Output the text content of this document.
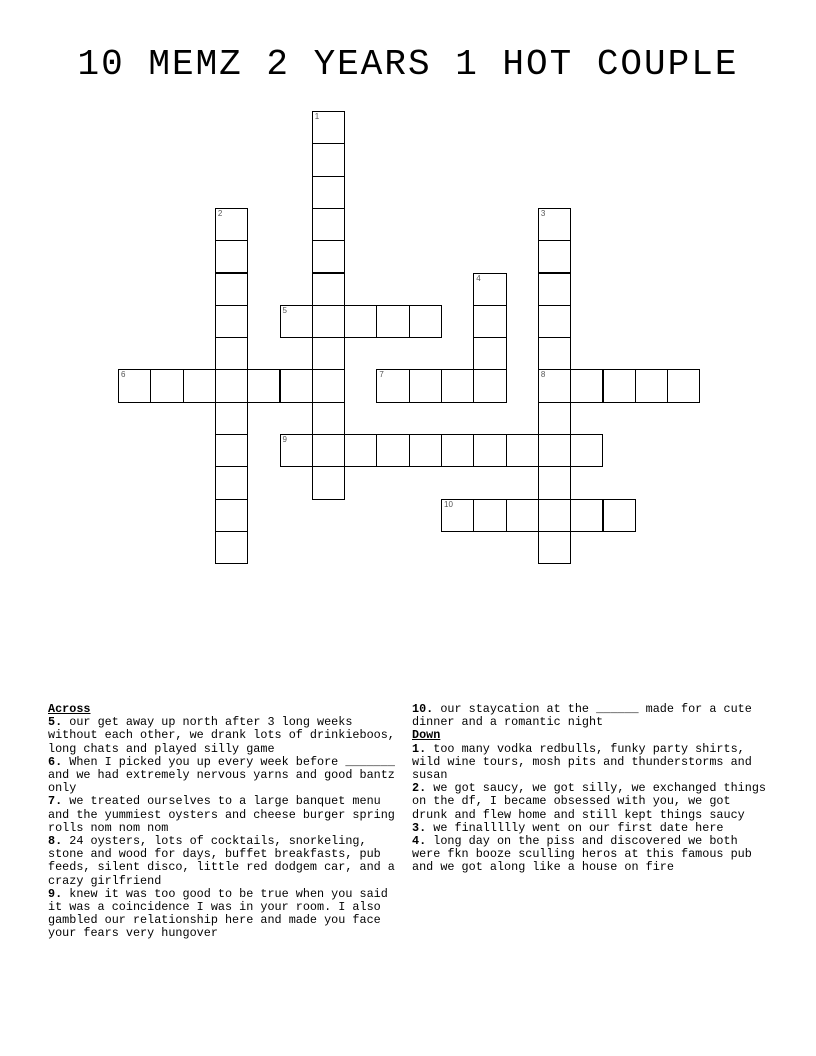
10 MEMZ 2 YEARS 1 HOT COUPLE
1
2	3
8
4
5
6	7
9
10
Across

5. our get away up north after 3 long weeks without each other, we drank lots of drinkieboos, long chats and played silly game

6. When I picked you up every week before _______ and we had extremely nervous yarns and good bantz only

7. we treated ourselves to a large banquet menu and the yummiest oysters and cheese burger spring rolls nom nom nom

8. 24 oysters, lots of cocktails, snorkeling, stone and wood for days, buffet breakfasts, pub feeds, silent disco, little red dodgem car, and a crazy girlfriend

9. knew it was too good to be true when you said it was a coincidence I was in your room. I also gambled our relationship here and made you face your fears very hungover

10. our staycation at the ______ made for a cute dinner and a romantic night

Down

1. too many vodka redbulls, funky party shirts, wild wine tours, mosh pits and thunderstorms and susan

2. we got saucy, we got silly, we exchanged things on the df, I became obsessed with you, we got drunk and flew home and still kept things saucy

3. we finallllly went on our first date here

4. long day on the piss and discovered we both were fkn booze sculling heros at this famous pub and we got along like a house on fire
